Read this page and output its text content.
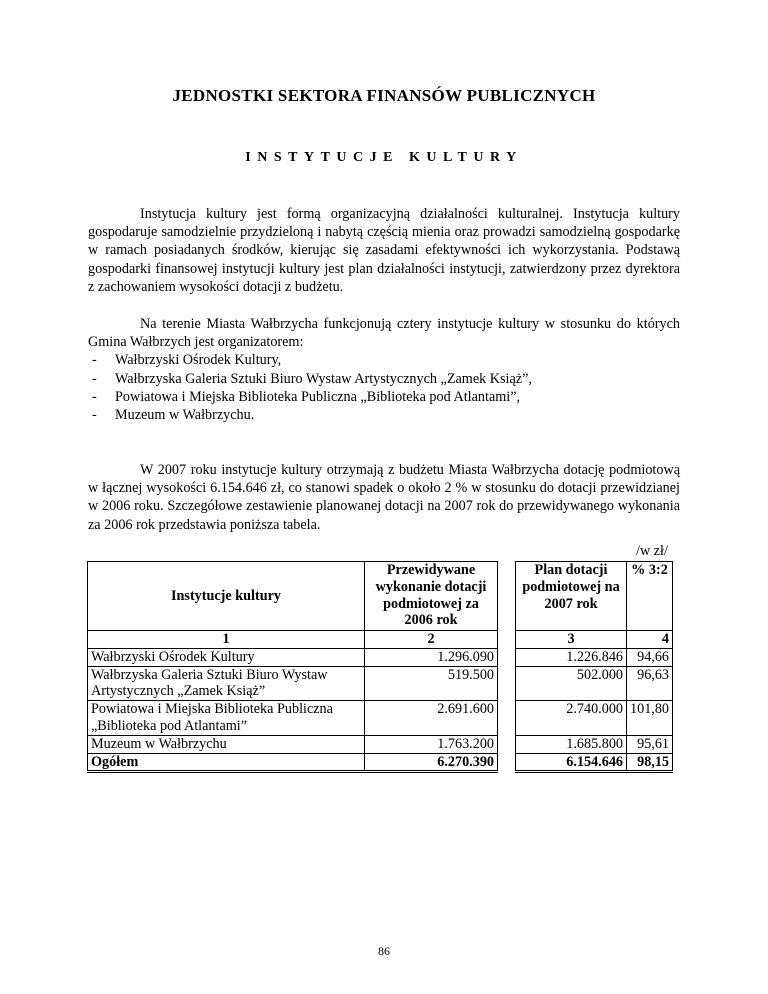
JEDNOSTKI SEKTORA FINANSÓW PUBLICZNYCH
INSTYTUCJE KULTURY

Instytucja kultury jest formą organizacyjną działalności kulturalnej. Instytucja kultury gospodaruje samodzielnie przydzieloną i nabytą częścią mienia oraz prowadzi samodzielną gospodarkę w ramach posiadanych środków, kierując się zasadami efektywności ich wykorzystania. Podstawą gospodarki finansowej instytucji kultury jest plan działalności instytucji, zatwierdzony przez dyrektora z zachowaniem wysokości dotacji z budżetu.

Na terenie Miasta Wałbrzycha funkcjonują cztery instytucje kultury w stosunku do których Gmina Wałbrzych jest organizatorem:

- Wałbrzyski Ośrodek Kultury,
- Wałbrzyska Galeria Sztuki Biuro Wystaw Artystycznych „Zamek Książ”,
- Powiatowa i Miejska Biblioteka Publiczna „Biblioteka pod Atlantami”,
- Muzeum w Wałbrzychu.

W 2007 roku instytucje kultury otrzymają z budżetu Miasta Wałbrzycha dotację podmiotową w łącznej wysokości 6.154.646 zł, co stanowi spadek o około 2 % w stosunku do dotacji przewidzianej w 2006 roku. Szczegółowe zestawienie planowanej dotacji na 2007 rok do przewidywanego wykonania za 2006 rok przedstawia poniższa tabela.

/w zł/
Instytucje kultury	Przewidywane wykonanie dotacji podmiotowej za 2006 rok		Plan dotacji podmiotowej na 2007 rok	% 3:2
1	2		3	4
Wałbrzyski Ośrodek Kultury	1.296.090		1.226.846	94,66
Wałbrzyska Galeria Sztuki Biuro Wystaw Artystycznych „Zamek Książ”	519.500		502.000	96,63
Powiatowa i Miejska Biblioteka Publiczna „Biblioteka pod Atlantami”	2.691.600		2.740.000	101,80
Muzeum w Wałbrzychu	1.763.200		1.685.800	95,61
Ogółem	6.270.390		6.154.646	98,15
86
